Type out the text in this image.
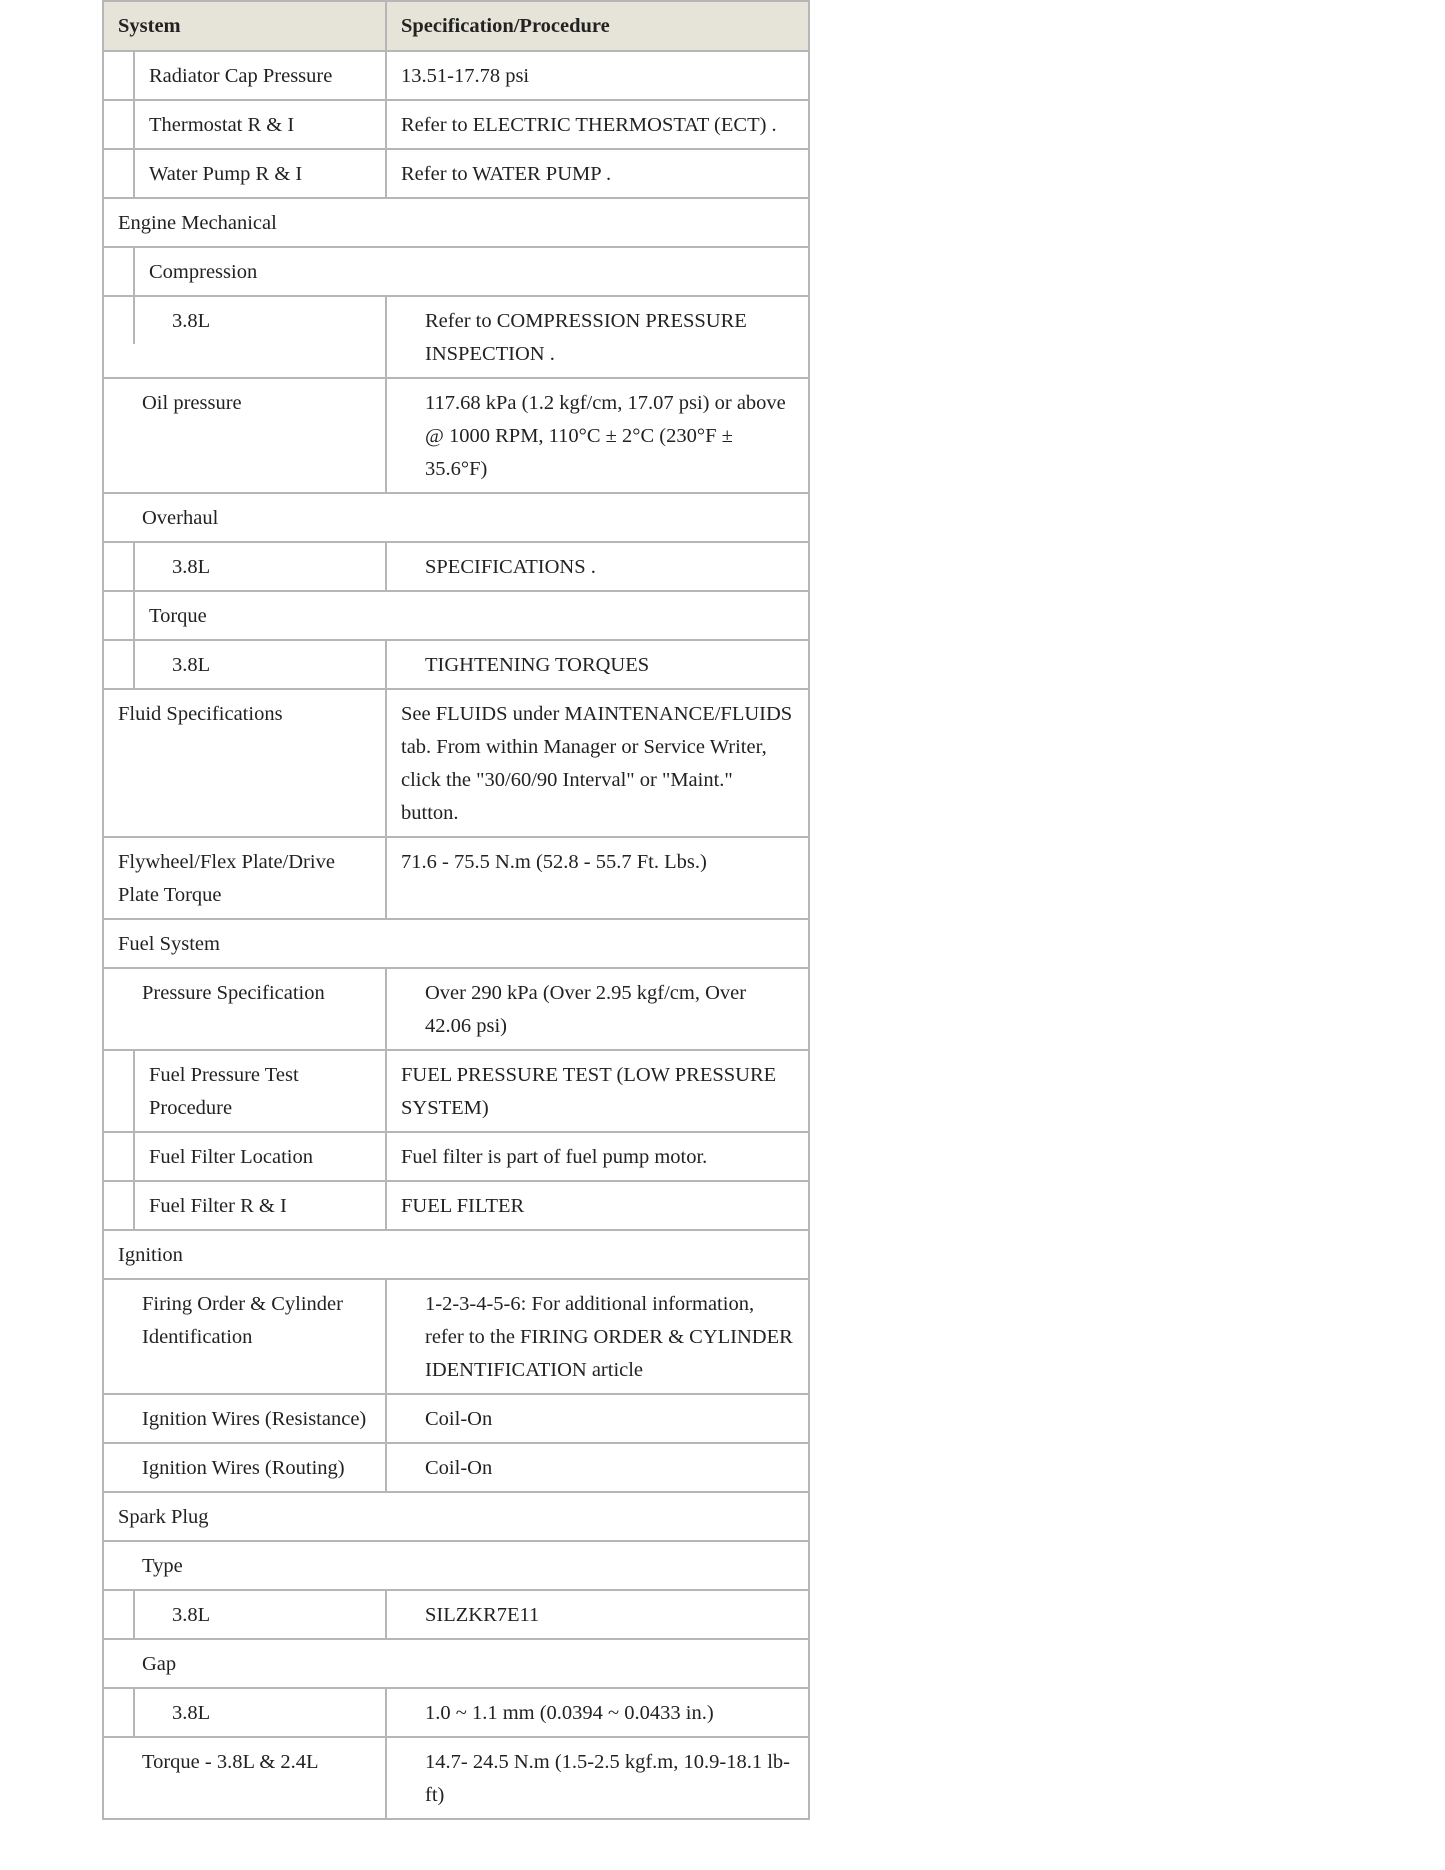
System	Specification/Procedure

Radiator Cap Pressure	13.51-17.78 psi

Thermostat R & I	Refer to ELECTRIC THERMOSTAT (ECT) .

Water Pump R & I	Refer to WATER PUMP .

Engine Mechanical	

Compression	

3.8L	Refer to COMPRESSION PRESSURE INSPECTION .

Oil pressure	117.68 kPa (1.2 kgf/cm, 17.07 psi) or above @ 1000 RPM, 110°C ± 2°C (230°F ± 35.6°F)

Overhaul	

3.8L	SPECIFICATIONS .

Torque	

3.8L	TIGHTENING TORQUES

Fluid Specifications	See FLUIDS under MAINTENANCE/FLUIDS tab. From within Manager or Service Writer, click the "30/60/90 Interval" or "Maint." button.

Flywheel/Flex Plate/Drive Plate Torque	71.6 - 75.5 N.m (52.8 - 55.7 Ft. Lbs.)

Fuel System	

Pressure Specification	Over 290 kPa (Over 2.95 kgf/cm, Over 42.06 psi)

Fuel Pressure Test Procedure	FUEL PRESSURE TEST (LOW PRESSURE SYSTEM)

Fuel Filter Location	Fuel filter is part of fuel pump motor.

Fuel Filter R & I	FUEL FILTER

Ignition	

Firing Order & Cylinder Identification	1-2-3-4-5-6: For additional information, refer to the FIRING ORDER & CYLINDER IDENTIFICATION article

Ignition Wires (Resistance)	Coil-On

Ignition Wires (Routing)	Coil-On

Spark Plug	

Type	

3.8L	SILZKR7E11

Gap	

3.8L	1.0 ~ 1.1 mm (0.0394 ~ 0.0433 in.)

Torque - 3.8L & 2.4L	14.7- 24.5 N.m (1.5-2.5 kgf.m, 10.9-18.1 lb-ft)
